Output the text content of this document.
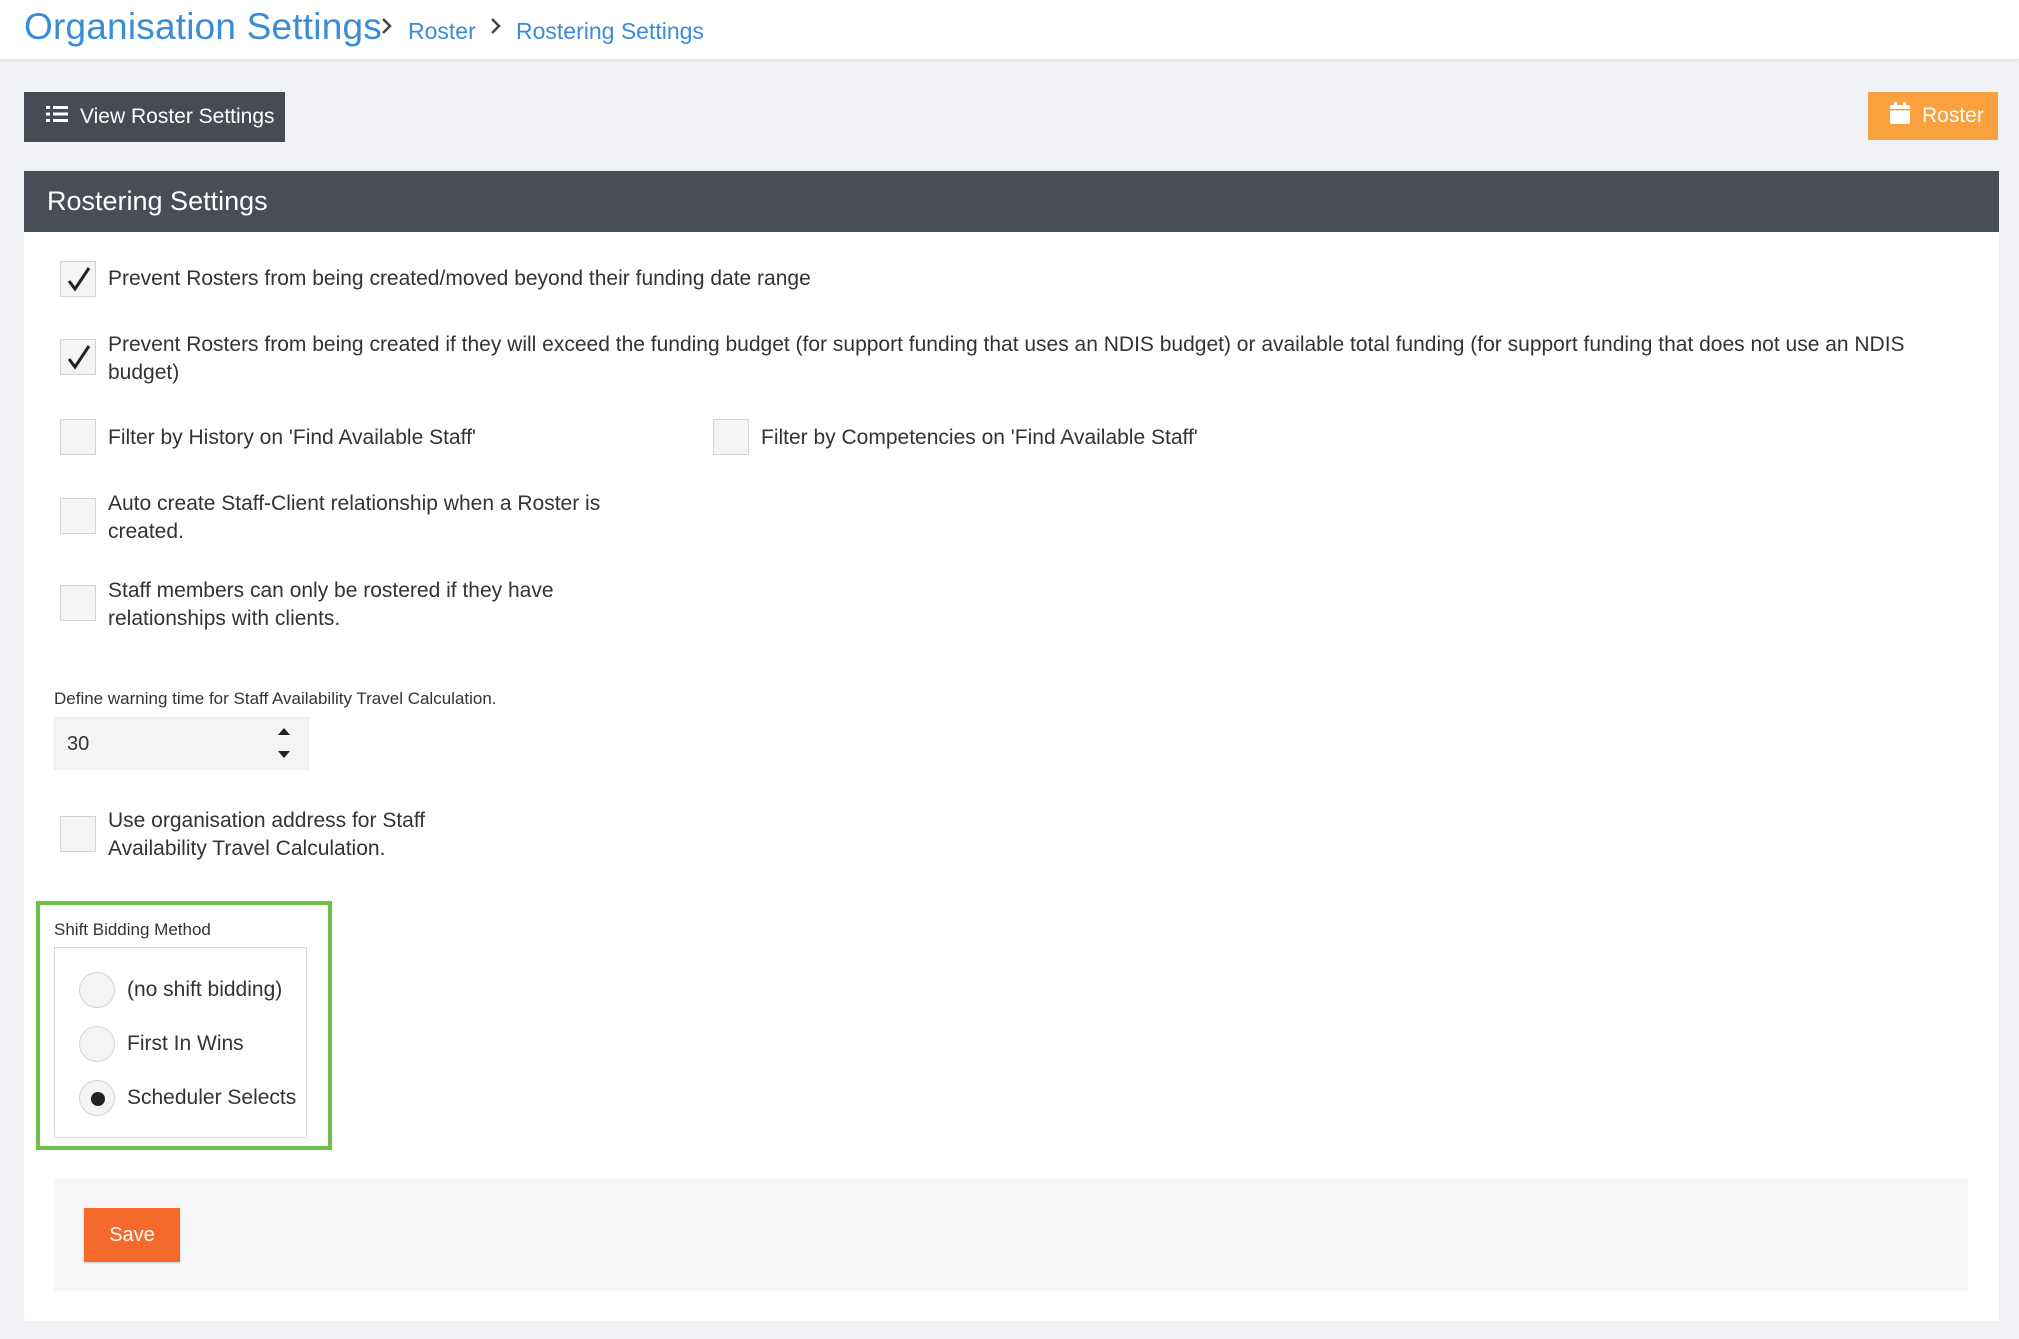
Organisation Settings Roster Rostering Settings
View Roster Settings	Roster
Rostering Settings
Prevent Rosters from being created/moved beyond their funding date range
Prevent Rosters from being created if they will exceed the funding budget (for support funding that uses an NDIS budget) or available total funding (for support funding that does not use an NDIS budget)
Filter by History on 'Find Available Staff'	Filter by Competencies on 'Find Available Staff'
Auto create Staff-Client relationship when a Roster is created.
Staff members can only be rostered if they have relationships with clients.
Define warning time for Staff Availability Travel Calculation.
30
Use organisation address for Staff Availability Travel Calculation.
Shift Bidding Method
(no shift bidding)
First In Wins
Scheduler Selects
Save
